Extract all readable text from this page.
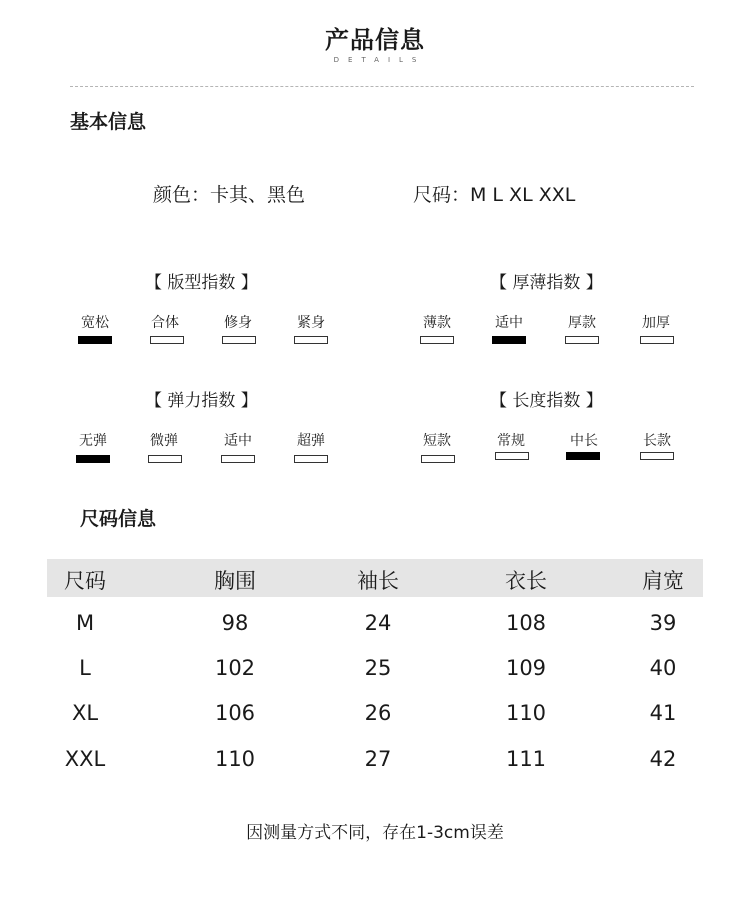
产品信息
DETAILS
基本信息
颜色：卡其、黑色	尺码：M L XL XXL
【 版型指数 】
宽松	合体	修身	紧身
【 厚薄指数 】
薄款	适中	厚款	加厚
【 弹力指数 】
无弹	微弹	适中	超弹
【 长度指数 】
短款	常规	中长	长款
尺码信息
尺码	胸围	袖长	衣长	肩宽
M	98	24	108	39
L	102	25	109	40
XL	106	26	110	41
XXL	110	27	111	42
因测量方式不同，存在1-3cm误差
